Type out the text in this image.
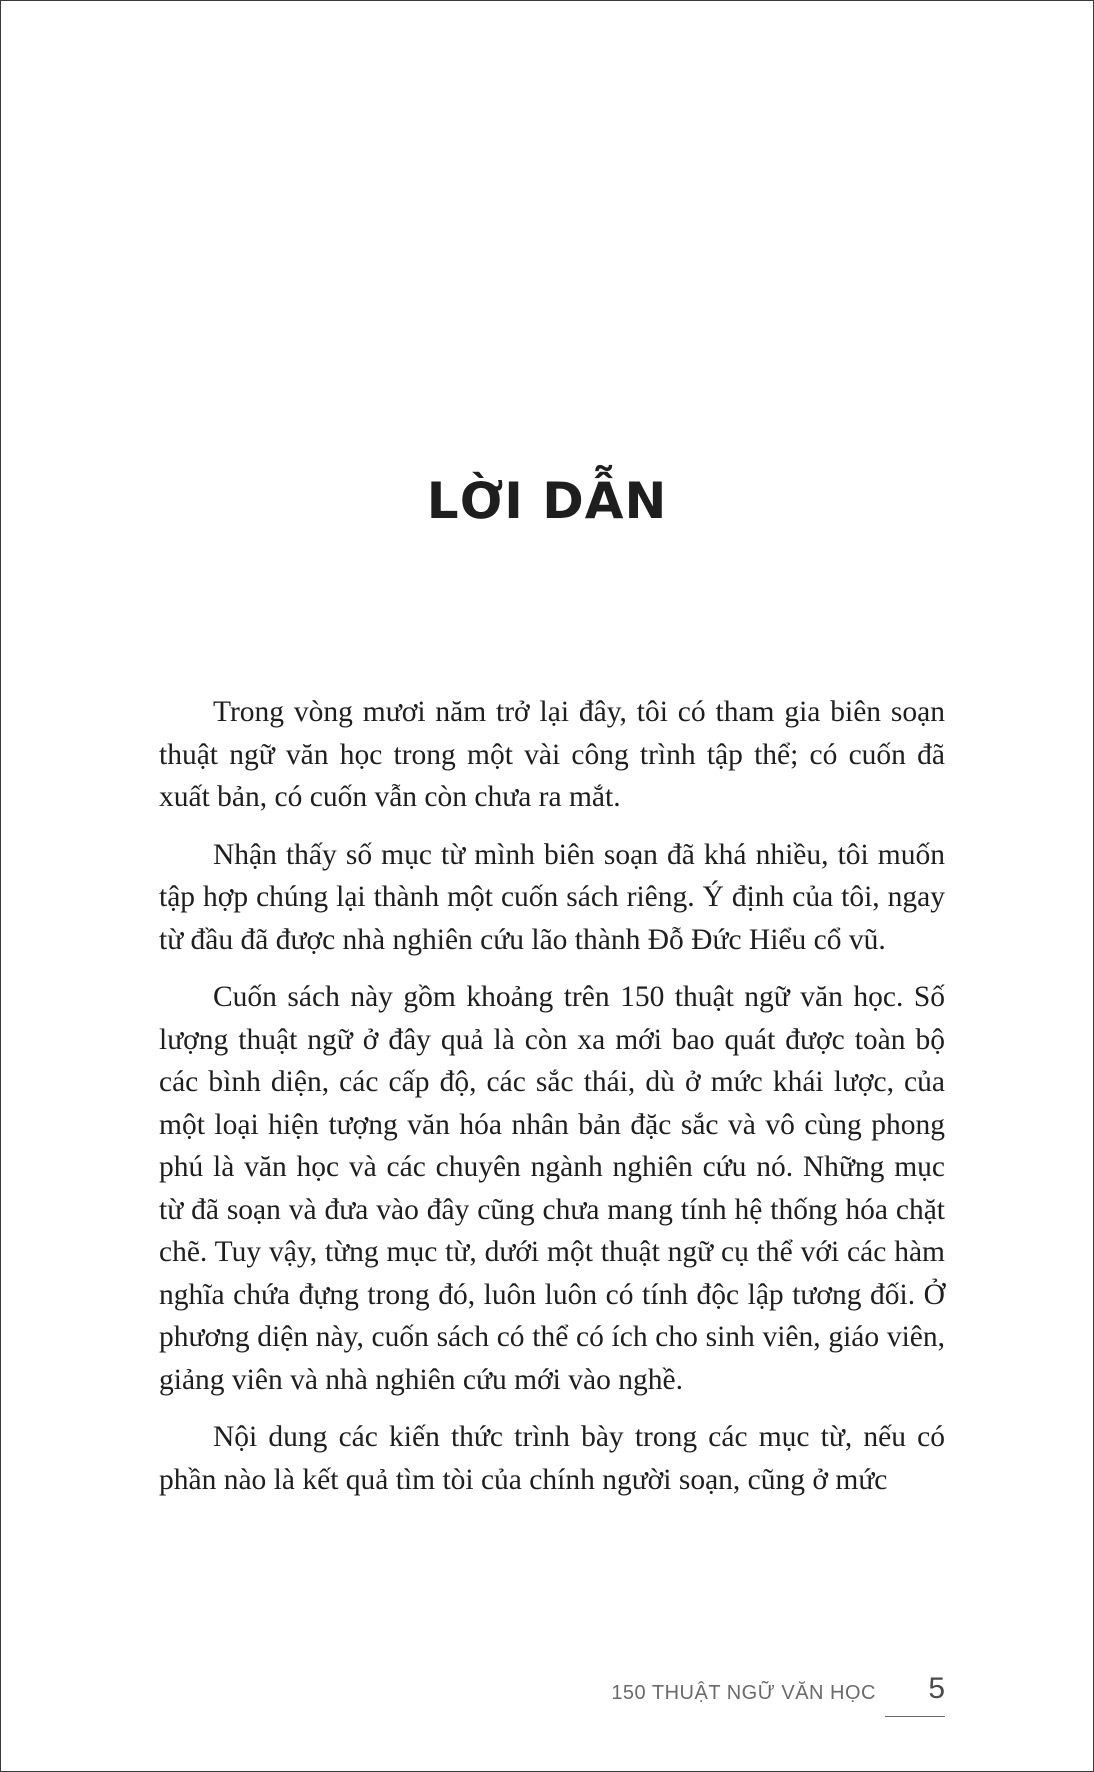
LỜI DẪN

Trong vòng mươi năm trở lại đây, tôi có tham gia biên soạn thuật ngữ văn học trong một vài công trình tập thể; có cuốn đã xuất bản, có cuốn vẫn còn chưa ra mắt.

Nhận thấy số mục từ mình biên soạn đã khá nhiều, tôi muốn tập hợp chúng lại thành một cuốn sách riêng. Ý định của tôi, ngay từ đầu đã được nhà nghiên cứu lão thành Đỗ Đức Hiểu cổ vũ.

Cuốn sách này gồm khoảng trên 150 thuật ngữ văn học. Số lượng thuật ngữ ở đây quả là còn xa mới bao quát được toàn bộ các bình diện, các cấp độ, các sắc thái, dù ở mức khái lược, của một loại hiện tượng văn hóa nhân bản đặc sắc và vô cùng phong phú là văn học và các chuyên ngành nghiên cứu nó. Những mục từ đã soạn và đưa vào đây cũng chưa mang tính hệ thống hóa chặt chẽ. Tuy vậy, từng mục từ, dưới một thuật ngữ cụ thể với các hàm nghĩa chứa đựng trong đó, luôn luôn có tính độc lập tương đối. Ở phương diện này, cuốn sách có thể có ích cho sinh viên, giáo viên, giảng viên và nhà nghiên cứu mới vào nghề.

Nội dung các kiến thức trình bày trong các mục từ, nếu có phần nào là kết quả tìm tòi của chính người soạn, cũng ở mức

150 THUẬT NGỮ VĂN HỌC	5
